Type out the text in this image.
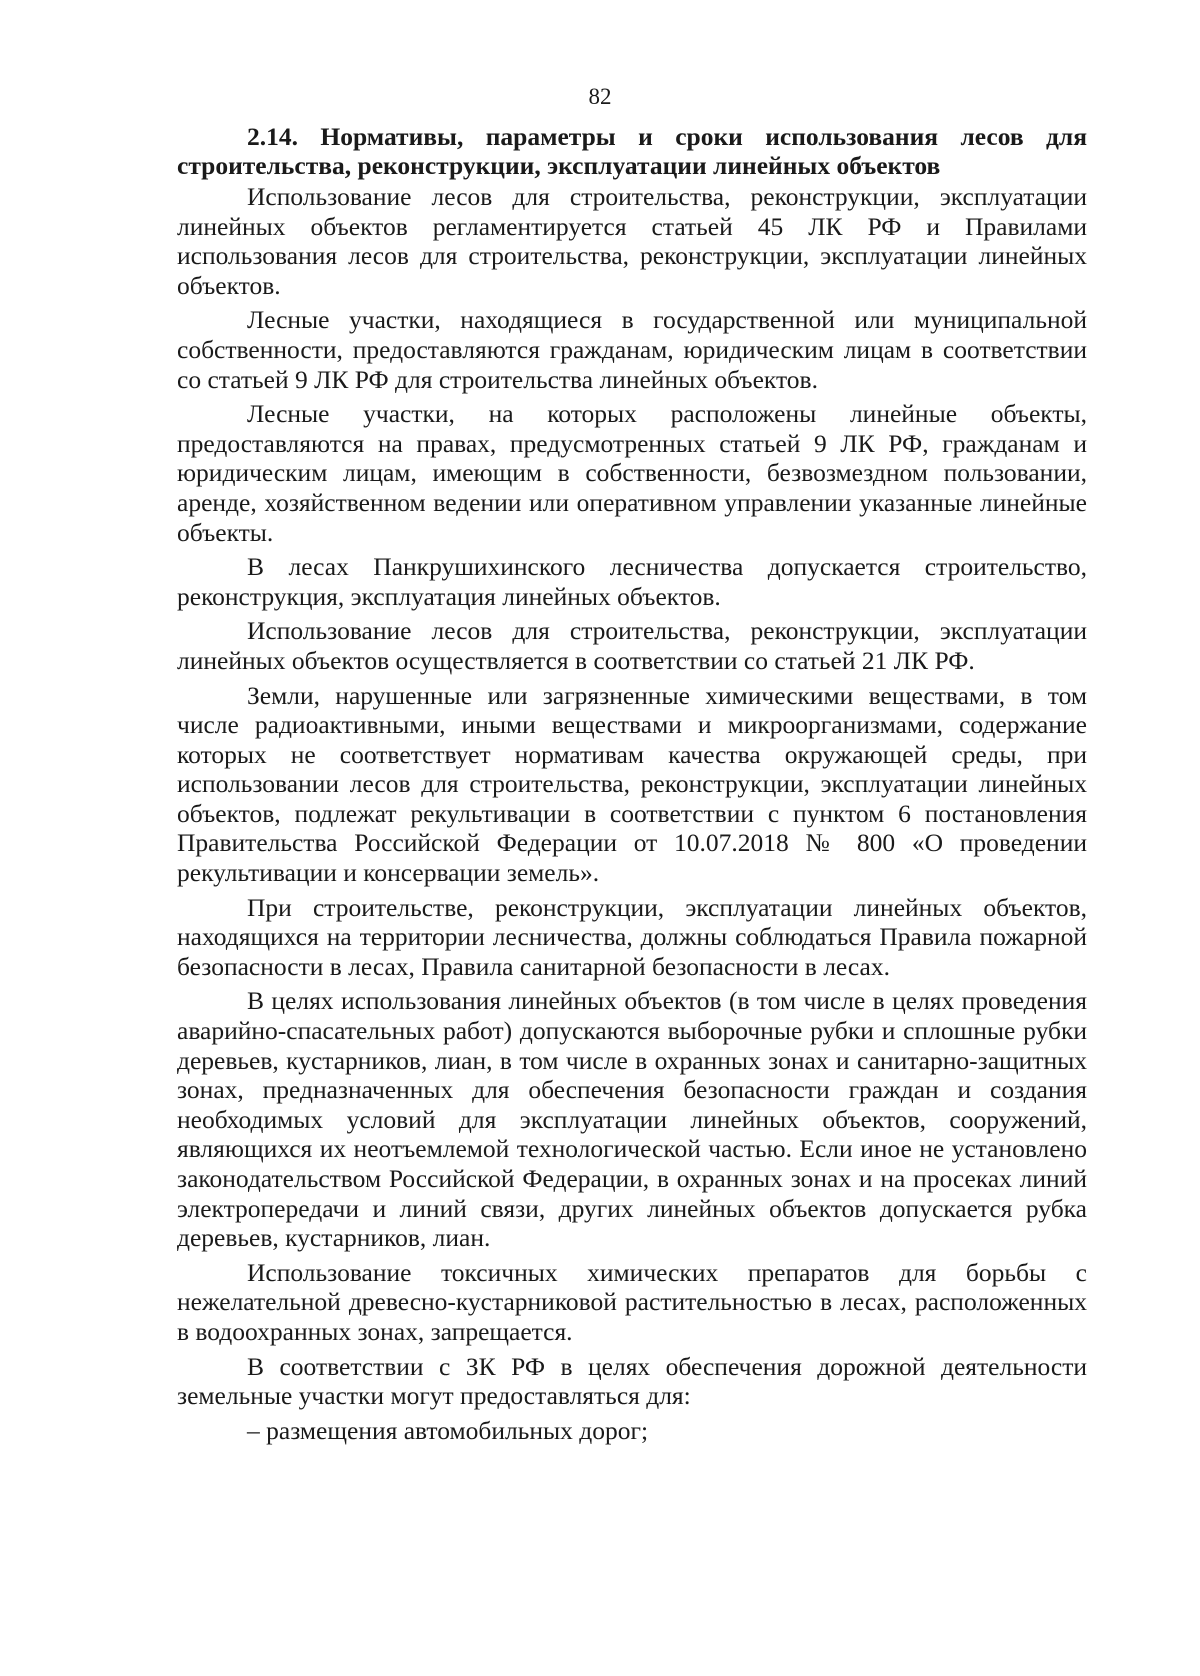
82

2.14. Нормативы, параметры и сроки использования лесов для строительства, реконструкции, эксплуатации линейных объектов

Использование лесов для строительства, реконструкции, эксплуатации линейных объектов регламентируется статьей 45 ЛК РФ и Правилами использования лесов для строительства, реконструкции, эксплуатации линейных объектов.

Лесные участки, находящиеся в государственной или муниципальной собственности, предоставляются гражданам, юридическим лицам в соответствии со статьей 9 ЛК РФ для строительства линейных объектов.

Лесные участки, на которых расположены линейные объекты, предоставляются на правах, предусмотренных статьей 9 ЛК РФ, гражданам и юридическим лицам, имеющим в собственности, безвозмездном пользовании, аренде, хозяйственном ведении или оперативном управлении указанные линейные объекты.

В лесах Панкрушихинского лесничества допускается строительство, реконструкция, эксплуатация линейных объектов.

Использование лесов для строительства, реконструкции, эксплуатации линейных объектов осуществляется в соответствии со статьей 21 ЛК РФ.

Земли, нарушенные или загрязненные химическими веществами, в том числе радиоактивными, иными веществами и микроорганизмами, содержание которых не соответствует нормативам качества окружающей среды, при использовании лесов для строительства, реконструкции, эксплуатации линейных объектов, подлежат рекультивации в соответствии с пунктом 6 постановления Правительства Российской Федерации от 10.07.2018 № 800 «О проведении рекультивации и консервации земель».

При строительстве, реконструкции, эксплуатации линейных объектов, находящихся на территории лесничества, должны соблюдаться Правила пожарной безопасности в лесах, Правила санитарной безопасности в лесах.

В целях использования линейных объектов (в том числе в целях проведения аварийно-спасательных работ) допускаются выборочные рубки и сплошные рубки деревьев, кустарников, лиан, в том числе в охранных зонах и санитарно-защитных зонах, предназначенных для обеспечения безопасности граждан и создания необходимых условий для эксплуатации линейных объектов, сооружений, являющихся их неотъемлемой технологической частью. Если иное не установлено законодательством Российской Федерации, в охранных зонах и на просеках линий электропередачи и линий связи, других линейных объектов допускается рубка деревьев, кустарников, лиан.

Использование токсичных химических препаратов для борьбы с нежелательной древесно-кустарниковой растительностью в лесах, расположенных в водоохранных зонах, запрещается.

В соответствии с ЗК РФ в целях обеспечения дорожной деятельности земельные участки могут предоставляться для:

– размещения автомобильных дорог;
